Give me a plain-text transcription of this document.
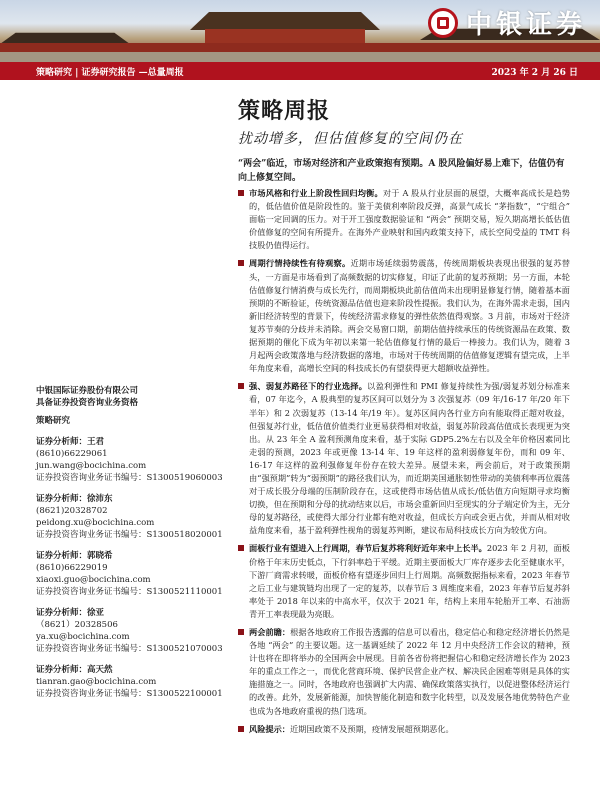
中银证券
策略研究 | 证券研究报告 —总量周报	2023 年 2 月 26 日
策略周报
扰动增多，但估值修复的空间仍在
“两会”临近，市场对经济和产业政策抱有预期。A 股风险偏好易上难下，估值仍有向上修复空间。
中银国际证券股份有限公司
具备证券投资咨询业务资格
策略研究
证券分析师：王君
(8610)66229061
jun.wang@bocichina.com
证券投资咨询业务证书编号：S1300519060003
证券分析师：徐沛东
(8621)20328702
peidong.xu@bocichina.com
证券投资咨询业务证书编号：S1300518020001
证券分析师：郭晓希
(8610)66229019
xiaoxi.guo@bocichina.com
证券投资咨询业务证书编号：S1300521110001
证券分析师：徐亚
（8621）20328506
ya.xu@bocichina.com
证券投资咨询业务证书编号：S1300521070003
证券分析师：高天然
tianran.gao@bocichina.com
证券投资咨询业务证书编号：S1300522100001

市场风格和行业上阶段性回归均衡。对于 A 股从行业层面的展望，大概率高成长是趋势的，低估值价值是阶段性的。鉴于美债利率阶段反弹，高景气成长 “茅指数”，“宁组合” 面临一定回调的压力。对于开工强度数据验证和 “两会” 预期交易，短久期高增长低估值价值修复的空间有所提升。在海外产业映射和国内政策支持下，成长空间受益的 TMT 科技股仍值得运行。

周期行情持续性有待观察。近期市场延续弱势震荡，传统周期板块表现出很强的复苏替头，一方面是市场看到了高频数据的切实修复，印证了此前的复苏预期；另一方面，本轮估值修复行情消费与成长先行，而周期板块此前估值尚未出现明显修复行情，随着基本面预期的不断验证，传统资源品估值也迎来阶段性提振。我们认为，在海外需求走弱，国内新旧经济转型的背景下，传统经济需求修复的弹性依然值得观察。3 月前，市场对于经济复苏节奏的分歧并未消除。两会交易窗口期，前期估值持续承压的传统资源品在政策、数据预期的催化下成为年初以来第一轮估值修复行情的最后一棒接力。我们认为，随着 3 月起两会政策落地与经济数据的落地，市场对于传统周期的估值修复逻辑有望完成，上半年角度来看，高增长空间的科技成长仍有望获得更大超额收益弹性。

强、弱复苏路径下的行业选择。以盈利弹性和 PMI 修复持续性为强/弱复苏划分标准来看，07 年迄今，A 股典型的复苏区间可以划分为 3 次强复苏（09 年/16-17 年/20 年下半年）和 2 次弱复苏（13-14 年/19 年）。复苏区间内各行业方向有能取得正超对收益，但强复苏行业，低估值价值类行业更易获得相对收益，弱复苏阶段高估值成长表现更为突出。从 23 年全 A 盈利预测角度来看，基于实际 GDP5.2%左右以及全年价格因素同比走弱的预测，2023 年或更像 13-14 年、19 年这样的盈利弱修复年份，而和 09 年、16-17 年这样的盈利强修复年份存在较大差异。展望未来，两会前后，对于政策预期由“强预期”转为“弱预期”的路径我们认为，而近期美国通胀韧性带动的美债利率再位震荡对于成长股分母端的压制阶段存在，这或使得市场估值从成长/低估值方向短期寻求均衡切换，但在预期和分母的扰动结束以后，市场会重新回归至现实的分子端定价为主，无分母的复苏路径，或使得大部分行业都有绝对收益，但成长方向或会更占优，并而从相对收益角度来看，基于盈利弹性视角的弱复苏判断，建议布局科技成长方向为较优方向。

面板行业有望进入上行周期，春节后复苏将利好近年来中上长半。2023 年 2 月初，面板价格于年末历史低点，下行斜率趋于平缓。近期主要面板大厂库存逐步去化至健康水平，下游厂商需求转暖，面板价格有望逐步回归上行周期。高频数据指标来看，2023 年春节之后工业与建筑链均出现了一定的复苏，以春节后 3 周维度来看，2023 年春节后复苏斜率处于 2018 年以来的中高水平，仅次于 2021 年，结构上来用车轮胎开工率、石油沥青开工率表现最为亮眼。

两会前瞻：根据各地政府工作报告透露的信息可以看出，稳定信心和稳定经济增长仍然是各地 “两会” 的主要议题。这一基调延续了 2022 年 12 月中央经济工作会议的精神，预计也将在即将举办的全国两会中展现。目前各省份将把握信心和稳定经济增长作为 2023 年的重点工作之一，而优化营商环境、保护民营企业产权、解决民企困难等则是具体的实施措施之一。同时，各地政府也强调扩大内需、确保政策落实执行，以促进整体经济运行的改善。此外，发展新能源，加快智能化制造和数字化转型，以及发展各地优势特色产业也成为各地政府重视的热门选项。

风险提示：近期国政策不及预期，疫情发展超预期恶化。
